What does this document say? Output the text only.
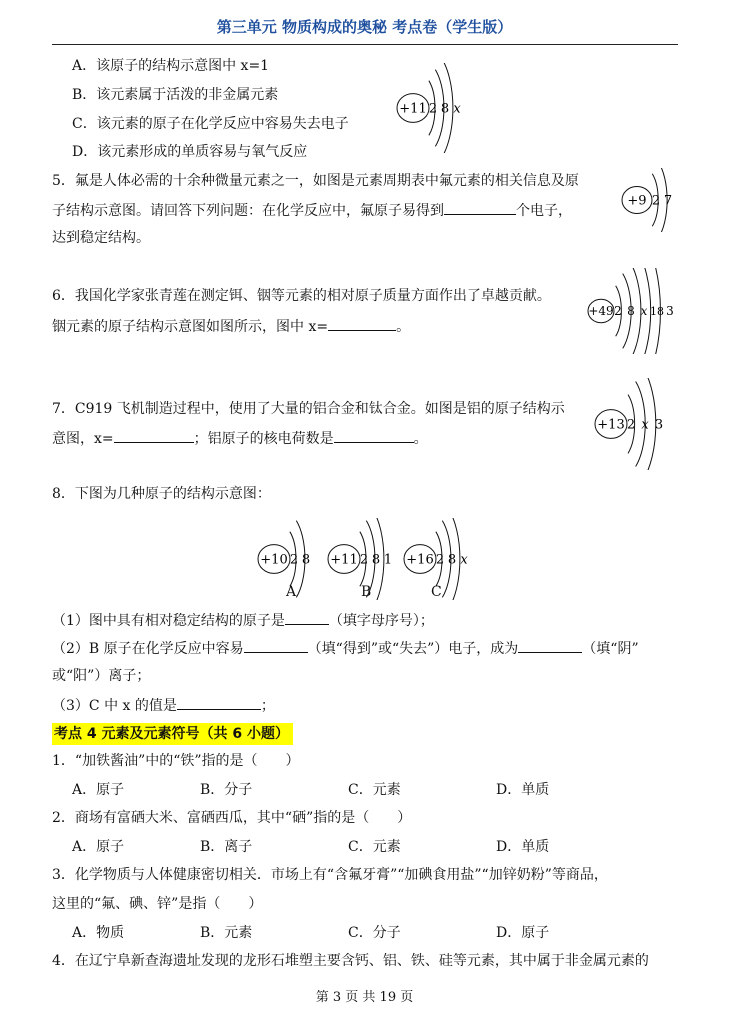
第三单元 物质构成的奥秘 考点卷（学生版）
A．该原子的结构示意图中 x=1
B．该元素属于活泼的非金属元素
C．该元素的原子在化学反应中容易失去电子
D．该元素形成的单质容易与氧气反应
+11 2 8 x
5．氟是人体必需的十余种微量元素之一，如图是元素周期表中氟元素的相关信息及原
子结构示意图。请回答下列问题：在化学反应中，氟原子易得到	个电子，
达到稳定结构。
+9 2 7
6．我国化学家张青莲在测定铒、铟等元素的相对原子质量方面作出了卓越贡献。
铟元素的原子结构示意图如图所示，图中 x=	。
+49 2 8 x 18 3
7．C919 飞机制造过程中，使用了大量的铝合金和钛合金。如图是铝的原子结构示
意图，x=	；铝原子的核电荷数是	。
+13 2 x 3
8．下图为几种原子的结构示意图：
+10 2 8 +11 2 8 1 +16 2 8 x
A	B	C
（1）图中具有相对稳定结构的原子是	（填字母序号）；
（2）B 原子在化学反应中容易	（填“得到”或“失去”）电子，成为	（填“阴”
或“阳”）离子；
（3）C 中 x 的值是	；
考点 4 元素及元素符号（共 6 小题）
1．“加铁酱油”中的“铁”指的是（　　）
A．原子	B．分子	C．元素	D．单质
2．商场有富硒大米、富硒西瓜，其中“硒”指的是（　　）
A．原子	B．离子	C．元素	D．单质
3．化学物质与人体健康密切相关．市场上有“含氟牙膏”“加碘食用盐”“加锌奶粉”等商品，
这里的“氟、碘、锌”是指（　　）
A．物质	B．元素	C．分子	D．原子
4．在辽宁阜新查海遗址发现的龙形石堆塑主要含钙、铝、铁、硅等元素，其中属于非金属元素的
第 3 页 共 19 页
